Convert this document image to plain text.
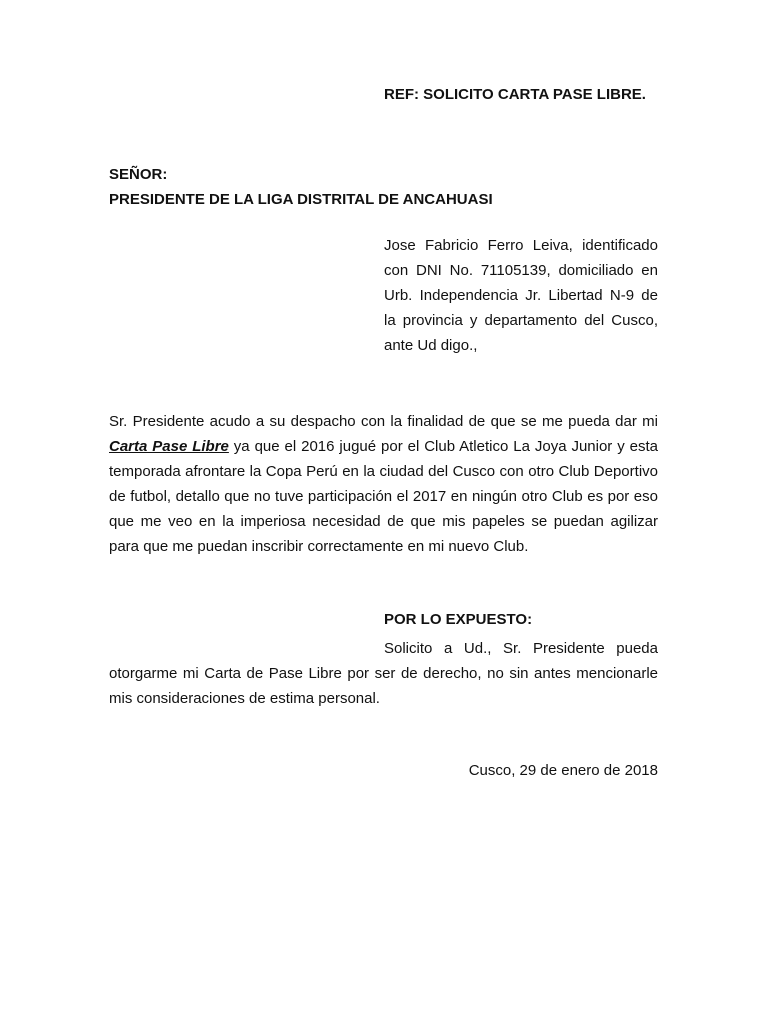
REF: SOLICITO CARTA PASE LIBRE.
SEÑOR:
PRESIDENTE DE LA LIGA DISTRITAL DE ANCAHUASI
Jose Fabricio Ferro Leiva, identificado
con DNI No. 71105139, domiciliado en
Urb. Independencia Jr. Libertad N-9 de
la provincia y departamento del Cusco,
ante Ud digo.,
Sr. Presidente acudo a su despacho con la finalidad de que se me pueda dar mi Carta Pase Libre ya que el 2016 jugué por el Club Atletico La Joya Junior y esta temporada afrontare la Copa Perú en la ciudad del Cusco con otro Club Deportivo de futbol, detallo que no tuve participación el 2017 en ningún otro Club es por eso que me veo en la imperiosa necesidad de que mis papeles se puedan agilizar para que me puedan inscribir correctamente en mi nuevo Club.
POR LO EXPUESTO:
Solicito a Ud., Sr. Presidente pueda otorgarme mi Carta de Pase Libre por ser de derecho, no sin antes mencionarle mis consideraciones de estima personal.
Cusco, 29 de enero de 2018
